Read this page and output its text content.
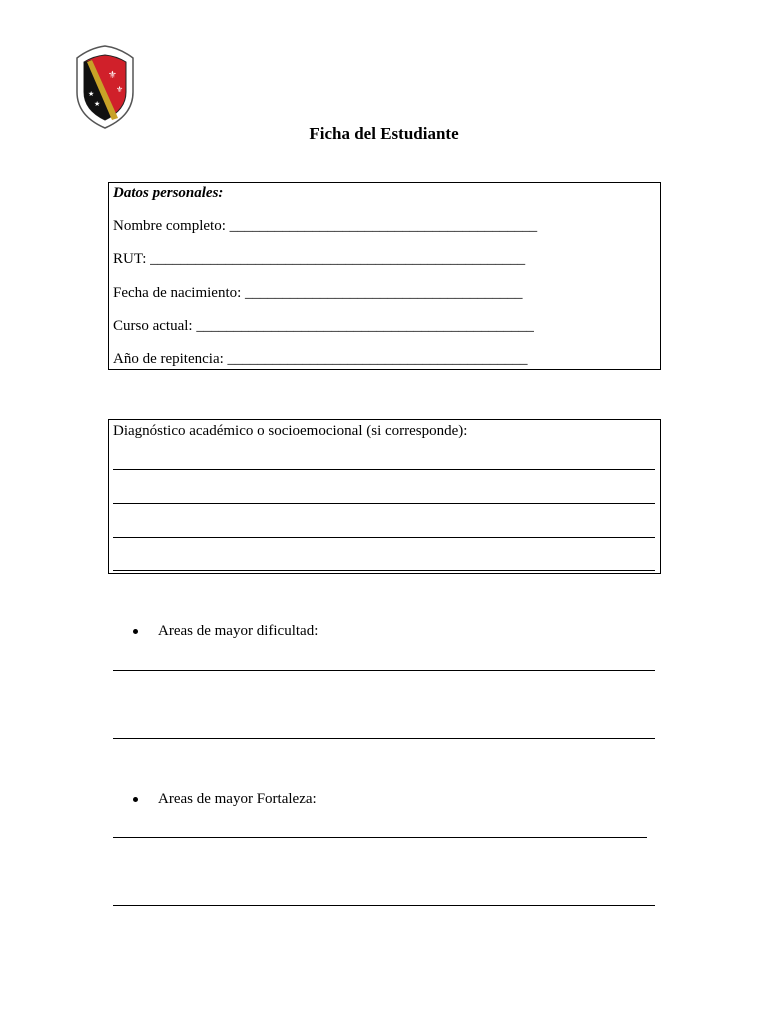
⚜
⚜
★
★
Ficha del Estudiante
Datos personales:
Nombre completo: _________________________________________
RUT: __________________________________________________
Fecha de nacimiento: _____________________________________
Curso actual: _____________________________________________
Año de repitencia: ________________________________________
Diagnóstico académico o socioemocional (si corresponde):
Areas de mayor dificultad:
Areas de mayor Fortaleza:
